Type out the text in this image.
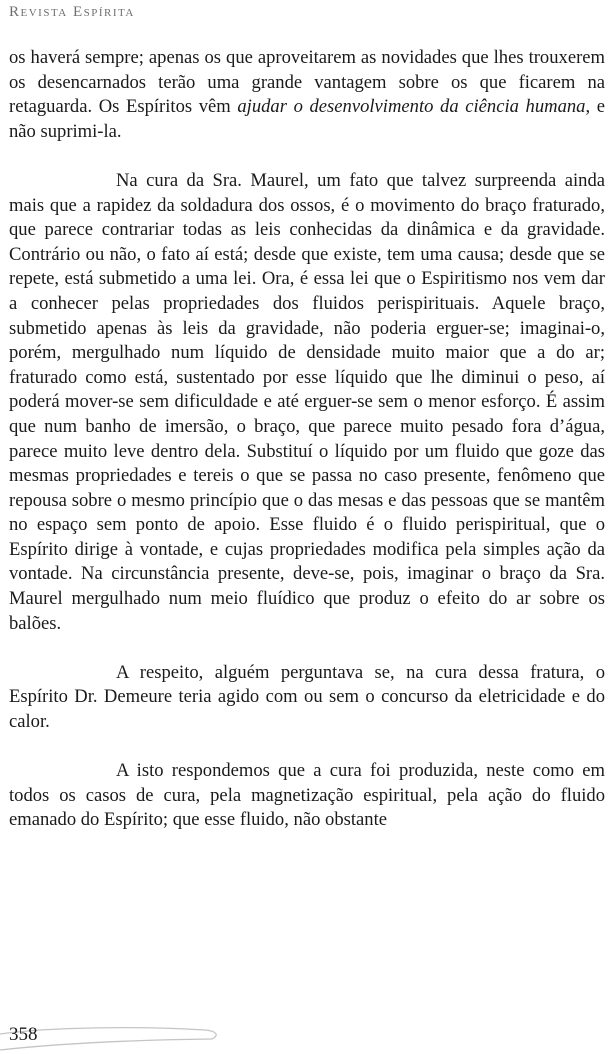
Revista Espírita

os haverá sempre; apenas os que aproveitarem as novidades que lhes trouxerem os desencarnados terão uma grande vantagem sobre os que ficarem na retaguarda. Os Espíritos vêm ajudar o desenvolvimento da ciência humana, e não suprimi-la.

Na cura da Sra. Maurel, um fato que talvez surpreenda ainda mais que a rapidez da soldadura dos ossos, é o movimento do braço fraturado, que parece contrariar todas as leis conhecidas da dinâmica e da gravidade. Contrário ou não, o fato aí está; desde que existe, tem uma causa; desde que se repete, está submetido a uma lei. Ora, é essa lei que o Espiritismo nos vem dar a conhecer pelas propriedades dos fluidos perispirituais. Aquele braço, submetido apenas às leis da gravidade, não poderia erguer-se; imaginai-o, porém, mergulhado num líquido de densidade muito maior que a do ar; fraturado como está, sustentado por esse líquido que lhe diminui o peso, aí poderá mover-se sem dificuldade e até erguer-se sem o menor esforço. É assim que num banho de imersão, o braço, que parece muito pesado fora d’água, parece muito leve dentro dela. Substituí o líquido por um fluido que goze das mesmas propriedades e tereis o que se passa no caso presente, fenômeno que repousa sobre o mesmo princípio que o das mesas e das pessoas que se mantêm no espaço sem ponto de apoio. Esse fluido é o fluido perispiritual, que o Espírito dirige à vontade, e cujas propriedades modifica pela simples ação da vontade. Na circunstância presente, deve-se, pois, imaginar o braço da Sra. Maurel mergulhado num meio fluídico que produz o efeito do ar sobre os balões.

A respeito, alguém perguntava se, na cura dessa fratura, o Espírito Dr. Demeure teria agido com ou sem o concurso da eletricidade e do calor.

A isto respondemos que a cura foi produzida, neste como em todos os casos de cura, pela magnetização espiritual, pela ação do fluido emanado do Espírito; que esse fluido, não obstante

358
